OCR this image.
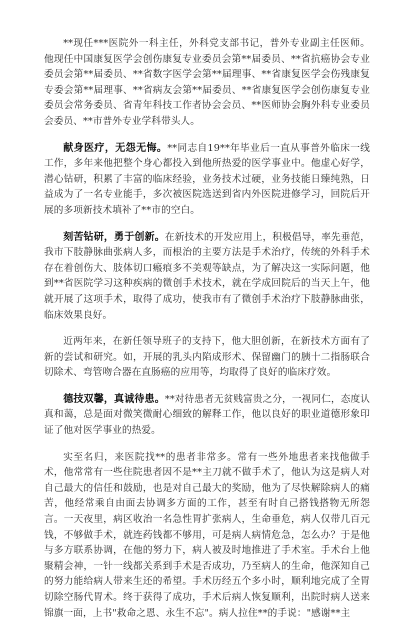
**现任***医院外一科主任，外科党支部书记，普外专业副主任医师。他现任中国康复医学会创伤康复专业委员会第**届委员、**省抗癌协会专业委员会第**届委员、**省数字医学会第**届理事、**省康复医学会伤残康复专委会第**届理事、**省病友会第**届委员、**省康复医学会创伤康复专业委员会常务委员、省青年科技工作者协会会员、**医师协会胸外科专业委员会委员、**市普外专业学科带头人。

献身医疗，无怨无悔。**同志自19**年毕业后一直从事普外临床一线工作，多年来他把整个身心都投入到他所热爱的医学事业中。他虚心好学，潜心钻研，积累了丰富的临床经验，业务技术过硬，业务技能日臻纯熟，日益成为了一名专业能手，多次被医院选送到省内外医院进修学习，回院后开展的多项新技术填补了**市的空白。

刻苦钻研，勇于创新。在新技术的开发应用上，积极倡导，率先垂范，我市下肢静脉曲张病人多，而根治的主要方法是手术治疗，传统的外科手术存在着创伤大、肢体切口瘢痕多不美观等缺点，为了解决这一实际问题，他到**省医院学习这种疾病的微创手术技术，就在学成回院后的当天上午，他就开展了这项手术，取得了成功，使我市有了微创手术治疗下肢静脉曲张，临床效果良好。

近两年来，在新任领导班子的支持下，他大胆创新，在新技术方面有了新的尝试和研究。如，开展的乳头内陷成形术、保留幽门的胰十二指肠联合切除术、弯管吻合器在直肠癌的应用等，均取得了良好的临床疗效。

德技双馨，真诚待患。**对待患者无贫贱富贵之分，一视同仁，态度认真和蔼，总是面对微笑微耐心细致的解释工作，他以良好的职业道德形象印证了他对医学事业的热爱。

实至名归，来医院找**的患者非常多。常有一些外地患者来找他做手术，他常常有一些住院患者因不是**主刀就不做手术了，他认为这是病人对自己最大的信任和鼓励，也是对自己最大的奖励，他为了尽快解除病人的痛苦，他经常乘自由面去协调多方面的工作，甚至有时自己搭钱搭物无所怨言。一天夜里，病区收治一名急性胃扩张病人，生命垂危，病人仅带几百元钱，不够做手术，就连药钱都不够用，可是病人病情危急，怎么办？于是他与多方联系协调，在他的努力下，病人被及时地推进了手术室。手术台上他聚精会神，一针一线都关系到手术是否成功，乃至病人的生命，他深知自己的努力能给病人带来生还的希望。手术历经五个多小时，顺利地完成了全胃切除空肠代胃术。终于获得了成功，手术后病人恢复顺利，出院时病人送来锦旗一面，上书"救命之恩、永生不忘"。病人拉住**的手说："感谢**主
